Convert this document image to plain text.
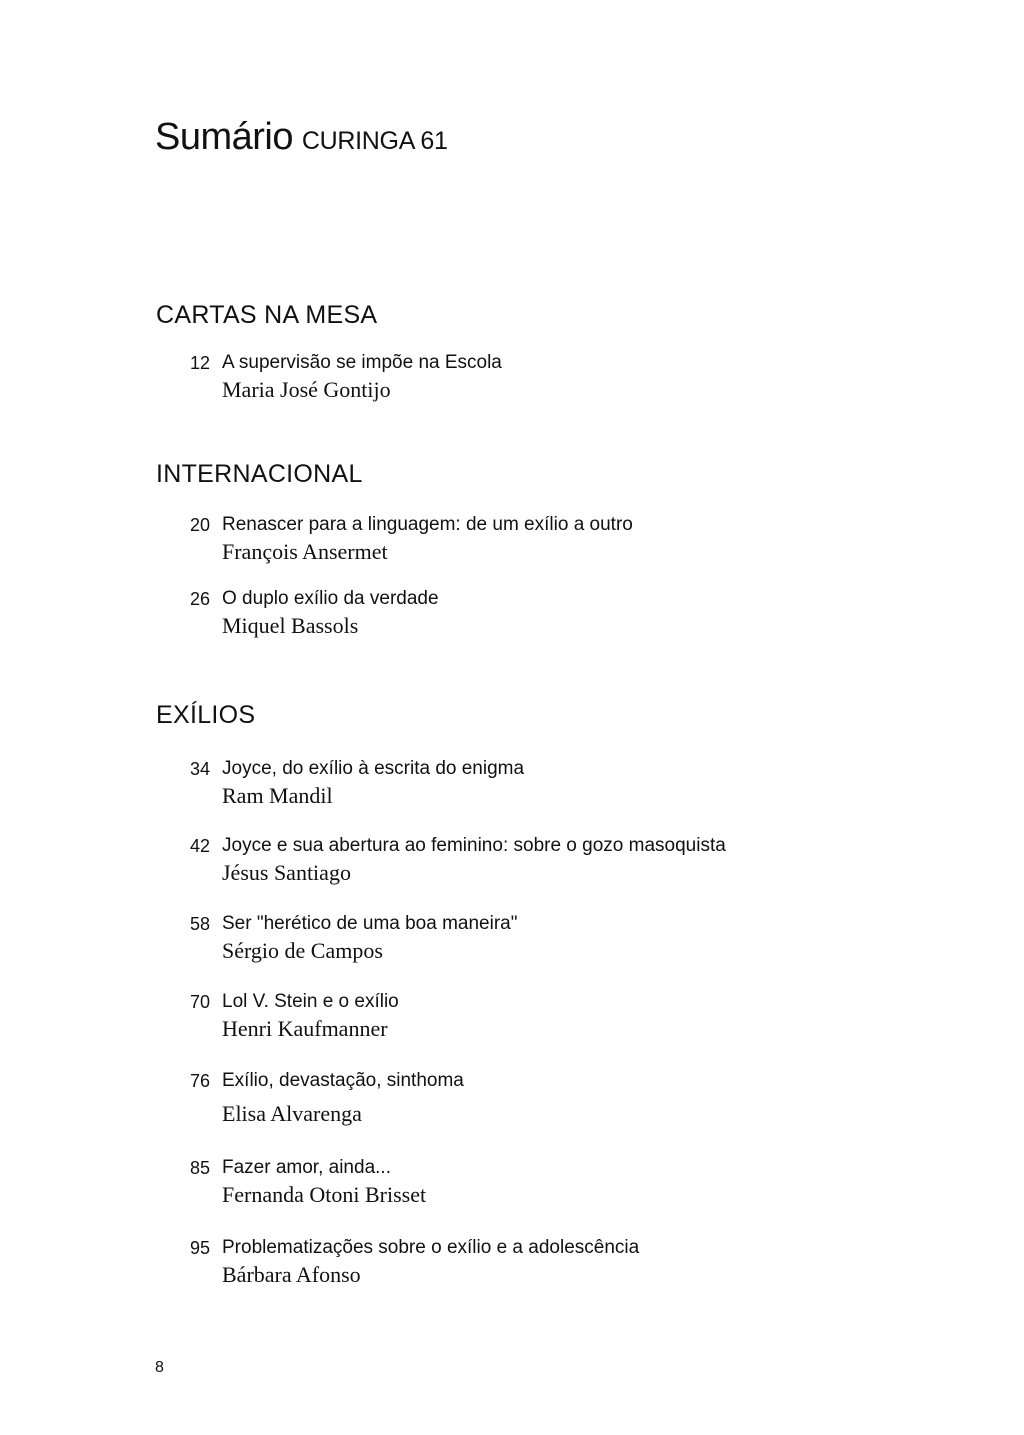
Sumário CURINGA 61
CARTAS NA MESA
12 A supervisão se impõe na Escola
Maria José Gontijo
INTERNACIONAL
20 Renascer para a linguagem: de um exílio a outro
François Ansermet
26 O duplo exílio da verdade
Miquel Bassols
EXÍLIOS
34 Joyce, do exílio à escrita do enigma
Ram Mandil
42 Joyce e sua abertura ao feminino: sobre o gozo masoquista
Jésus Santiago
58 Ser "herético de uma boa maneira"
Sérgio de Campos
70 Lol V. Stein e o exílio
Henri Kaufmanner
76 Exílio, devastação, sinthoma
Elisa Alvarenga
85 Fazer amor, ainda...
Fernanda Otoni Brisset
95 Problematizações sobre o exílio e a adolescência
Bárbara Afonso
8
